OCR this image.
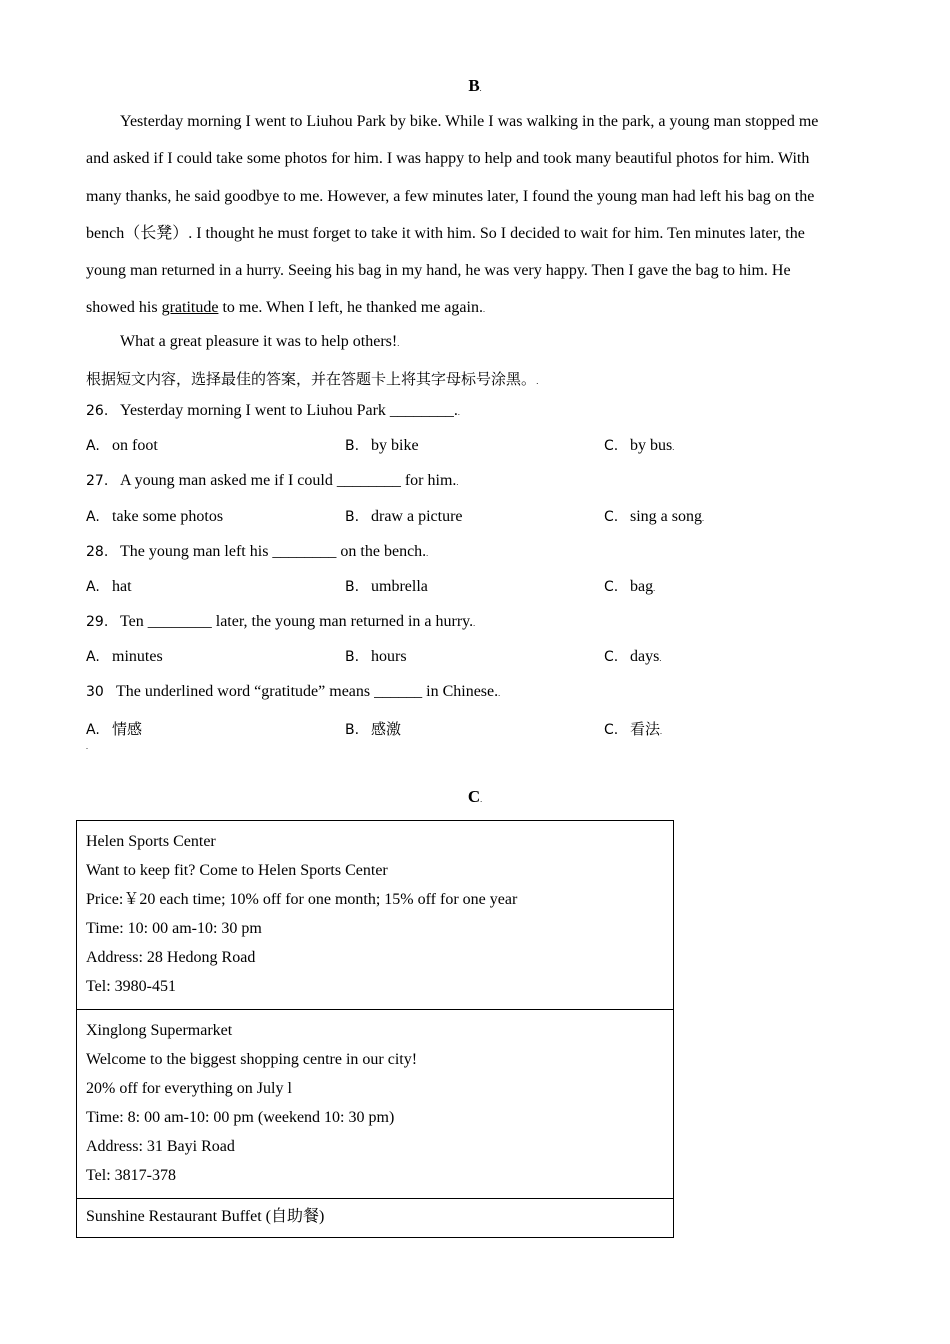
B.
Yesterday morning I went to Liuhou Park by bike. While I was walking in the park, a young man stopped me
and asked if I could take some photos for him. I was happy to help and took many beautiful photos for him. With
many thanks, he said goodbye to me. However, a few minutes later, I found the young man had left his bag on the
bench（长凳）. I thought he must forget to take it with him. So I decided to wait for him. Ten minutes later, the
young man returned in a hurry. Seeing his bag in my hand, he was very happy. Then I gave the bag to him. He
showed his gratitude to me. When I left, he thanked me again..
What a great pleasure it was to help others!.
根据短文内容，选择最佳的答案，并在答题卡上将其字母标号涂黑。.
26. Yesterday morning I went to Liuhou Park ________..
A. on foot	B. by bike	C. by bus.
27. A young man asked me if I could ________ for him..
A. take some photos	B. draw a picture	C. sing a song.
28. The young man left his ________ on the bench..
A. hat	B. umbrella	C. bag.
29. Ten ________ later, the young man returned in a hurry..
A. minutes	B. hours	C. days.
30 The underlined word “gratitude” means ______ in Chinese..
A. 情感	B. 感激	C. 看法.
.
C.
Helen Sports Center
Want to keep fit? Come to Helen Sports Center
Price:￥20 each time; 10% off for one month; 15% off for one year
Time: 10: 00 am-10: 30 pm
Address: 28 Hedong Road
Tel: 3980-451

Xinglong Supermarket
Welcome to the biggest shopping centre in our city!
20% off for everything on July l
Time: 8: 00 am-10: 00 pm (weekend 10: 30 pm)
Address: 31 Bayi Road
Tel: 3817-378

Sunshine Restaurant Buffet (自助餐)
